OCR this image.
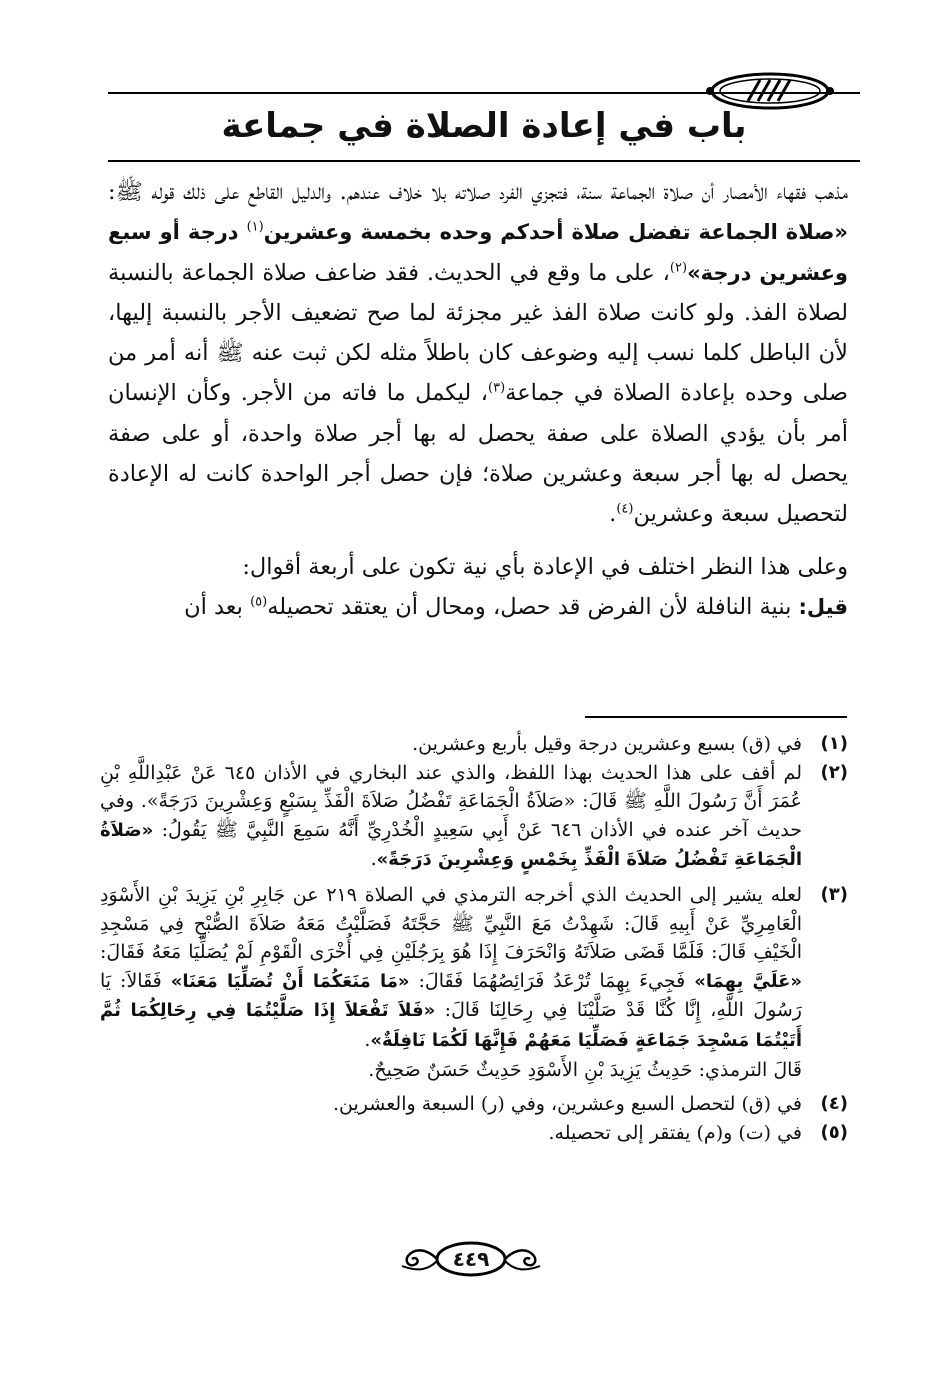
باب في إعادة الصلاة في جماعة

مذهب فقهاء الأمصار أن صلاة الجماعة سنة، فتجزي الفرد صلاته بلا خلاف عندهم. والدليل القاطع على ذلك قوله ﷺ: «صلاة الجماعة تفضل صلاة أحدكم وحده بخمسة وعشرين$^{(١)}$ درجة أو سبع وعشرين درجة»$^{(٢)}$، على ما وقع في الحديث. فقد ضاعف صلاة الجماعة بالنسبة لصلاة الفذ. ولو كانت صلاة الفذ غير مجزئة لما صح تضعيف الأجر بالنسبة إليها، لأن الباطل كلما نسب إليه وضوعف كان باطلاً مثله لكن ثبت عنه ﷺ أنه أمر من صلى وحده بإعادة الصلاة في جماعة$^{(٣)}$، ليكمل ما فاته من الأجر. وكأن الإنسان أمر بأن يؤدي الصلاة على صفة يحصل له بها أجر صلاة واحدة، أو على صفة يحصل له بها أجر سبعة وعشرين صلاة؛ فإن حصل أجر الواحدة كانت له الإعادة لتحصيل سبعة وعشرين$^{(٤)}$.

وعلى هذا النظر اختلف في الإعادة بأي نية تكون على أربعة أقوال:
قيل: بنية النافلة لأن الفرض قد حصل، ومحال أن يعتقد تحصيله$^{(٥)}$ بعد أن

(١)
في (ق) بسبع وعشرين درجة وقيل بأربع وعشرين.
(٢)
لم أقف على هذا الحديث بهذا اللفظ، والذي عند البخاري في الأذان ٦٤٥ عَنْ عَبْدِاللَّهِ بْنِ عُمَرَ أَنَّ رَسُولَ اللَّهِ ﷺ قَالَ: «صَلاَةُ الْجَمَاعَةِ تَفْضُلُ صَلاَةَ الْفَذِّ بِسَبْعٍ وَعِشْرِينَ دَرَجَةً». وفي حديث آخر عنده في الأذان ٦٤٦ عَنْ أَبِي سَعِيدٍ الْخُدْرِيِّ أَنَّهُ سَمِعَ النَّبِيَّ ﷺ يَقُولُ: «صَلاَةُ الْجَمَاعَةِ تَفْضُلُ صَلاَةَ الْفَذِّ بِخَمْسٍ وَعِشْرِينَ دَرَجَةً».
(٣)
لعله يشير إلى الحديث الذي أخرجه الترمذي في الصلاة ٢١٩ عن جَابِرِ بْنِ يَزِيدَ بْنِ الأَسْوَدِ الْعَامِرِيِّ عَنْ أَبِيهِ قَالَ: شَهِدْتُ مَعَ النَّبِيِّ ﷺ حَجَّتَهُ فَصَلَّيْتُ مَعَهُ صَلاَةَ الصُّبْحِ فِي مَسْجِدِ الْخَيْفِ قَالَ: فَلَمَّا قَضَى صَلاَتَهُ وَانْحَرَفَ إِذَا هُوَ بِرَجُلَيْنِ فِي أُخْرَى الْقَوْمِ لَمْ يُصَلِّيَا مَعَهُ فَقَالَ: «عَلَيَّ بِهِمَا» فَجِيءَ بِهِمَا تُرْعَدُ فَرَائِصُهُمَا فَقَالَ: «مَا مَنَعَكُمَا أَنْ تُصَلِّيَا مَعَنَا» فَقَالاَ: يَا رَسُولَ اللَّهِ، إِنَّا كُنَّا قَدْ صَلَّيْنَا فِي رِحَالِنَا قَالَ: «فَلاَ تَفْعَلاَ إِذَا صَلَّيْتُمَا فِي رِحَالِكُمَا ثُمَّ أَتَيْتُمَا مَسْجِدَ جَمَاعَةٍ فَصَلِّيَا مَعَهُمْ فَإِنَّهَا لَكُمَا نَافِلَةٌ».
قَالَ الترمذي: حَدِيثُ يَزِيدَ بْنِ الأَسْوَدِ حَدِيثٌ حَسَنٌ صَحِيحٌ.
(٤)
في (ق) لتحصل السبع وعشرين، وفي (ر) السبعة والعشرين.
(٥)
في (ت) و(م) يفتقر إلى تحصيله.
٤٤٩
